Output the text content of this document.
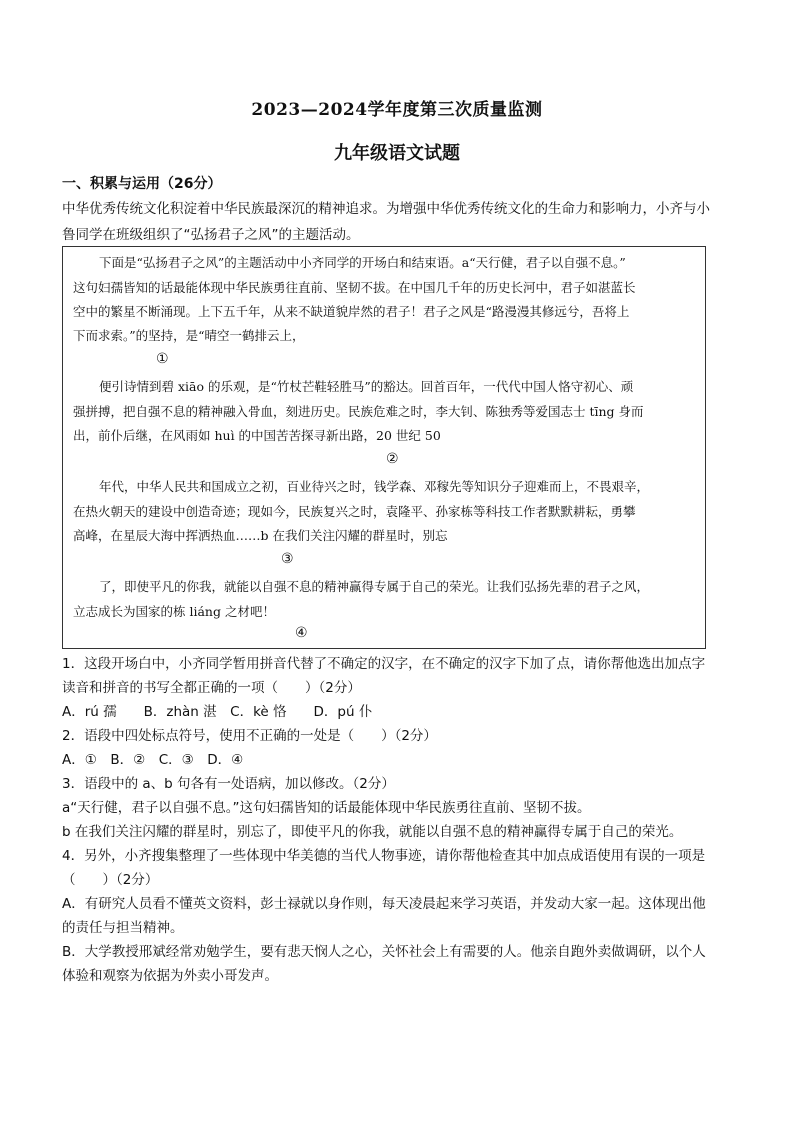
2023—2024学年度第三次质量监测
九年级语文试题
一、积累与运用（26分）
中华优秀传统文化积淀着中华民族最深沉的精神追求。为增强中华优秀传统文化的生命力和影响力，小齐与小
鲁同学在班级组织了“弘扬君子之风”的主题活动。
下面是“弘扬君子之风”的主题活动中小齐同学的开场白和结束语。a“天行健，君子以自强不息。”
这句妇孺皆知的话最能体现中华民族勇往直前、坚韧不拔。在中国几千年的历史长河中，君子如湛蓝长
空中的繁星不断涌现。上下五千年，从来不缺道貌岸然的君子！君子之风是“路漫漫其修远兮，吾将上
下而求索。”的坚持，是“晴空一鹤排云上，
①
便引诗情到碧 xiāo 的乐观，是“竹杖芒鞋轻胜马”的豁达。回首百年，一代代中国人恪守初心、顽
强拼搏，把自强不息的精神融入骨血，刻进历史。民族危难之时，李大钊、陈独秀等爱国志士 tīng 身而
出，前仆后继，在风雨如 huì 的中国苦苦探寻新出路，20 世纪 50
②
年代，中华人民共和国成立之初，百业待兴之时，钱学森、邓稼先等知识分子迎难而上，不畏艰辛，
在热火朝天的建设中创造奇迹；现如今，民族复兴之时，袁隆平、孙家栋等科技工作者默默耕耘，勇攀
高峰，在星辰大海中挥洒热血……b 在我们关注闪耀的群星时，别忘
③
了，即使平凡的你我，就能以自强不息的精神赢得专属于自己的荣光。让我们弘扬先辈的君子之风，
立志成长为国家的栋 liáng 之材吧！
④
1．这段开场白中，小齐同学暂用拼音代替了不确定的汉字，在不确定的汉字下加了点，请你帮他选出加点字
读音和拼音的书写全都正确的一项（　　）（2分）
A．rú 孺　　B．zhàn 湛　C．kè 恪　　D．pú 仆
2．语段中四处标点符号，使用不正确的一处是（　　）（2分）
A．①　B．②　C．③　D．④
3．语段中的 a、b 句各有一处语病，加以修改。（2分）
a“天行健，君子以自强不息。”这句妇孺皆知的话最能体现中华民族勇往直前、坚韧不拔。
b 在我们关注闪耀的群星时，别忘了，即使平凡的你我，就能以自强不息的精神赢得专属于自己的荣光。
4．另外，小齐搜集整理了一些体现中华美德的当代人物事迹，请你帮他检查其中加点成语使用有误的一项是
（　　）（2分）
A．有研究人员看不懂英文资料，彭士禄就以身作则，每天凌晨起来学习英语，并发动大家一起。这体现出他
的责任与担当精神。
B．大学教授邢斌经常劝勉学生，要有悲天悯人之心，关怀社会上有需要的人。他亲自跑外卖做调研，以个人
体验和观察为依据为外卖小哥发声。
